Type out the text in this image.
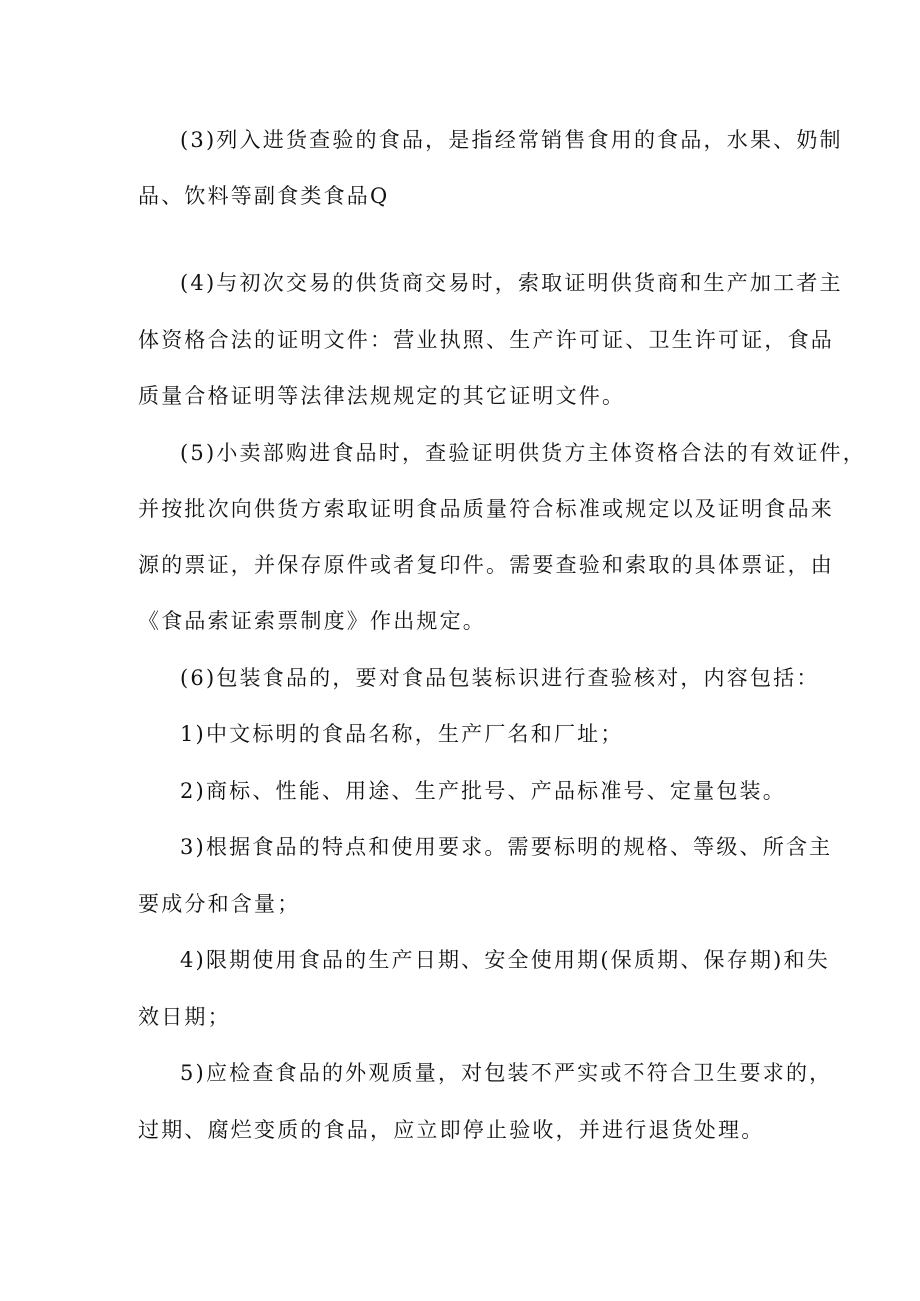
(3)列入进货查验的食品，是指经常销售食用的食品，水果、奶制
品、饮料等副食类食品Q
(4)与初次交易的供货商交易时，索取证明供货商和生产加工者主
体资格合法的证明文件：营业执照、生产许可证、卫生许可证，食品
质量合格证明等法律法规规定的其它证明文件。
(5)小卖部购进食品时，查验证明供货方主体资格合法的有效证件，
并按批次向供货方索取证明食品质量符合标准或规定以及证明食品来
源的票证，并保存原件或者复印件。需要查验和索取的具体票证，由
《食品索证索票制度》作出规定。
(6)包装食品的，要对食品包装标识进行查验核对，内容包括：
1)中文标明的食品名称，生产厂名和厂址；
2)商标、性能、用途、生产批号、产品标准号、定量包装。
3)根据食品的特点和使用要求。需要标明的规格、等级、所含主
要成分和含量；
4)限期使用食品的生产日期、安全使用期(保质期、保存期)和失
效日期；
5)应检查食品的外观质量，对包装不严实或不符合卫生要求的，
过期、腐烂变质的食品，应立即停止验收，并进行退货处理。
